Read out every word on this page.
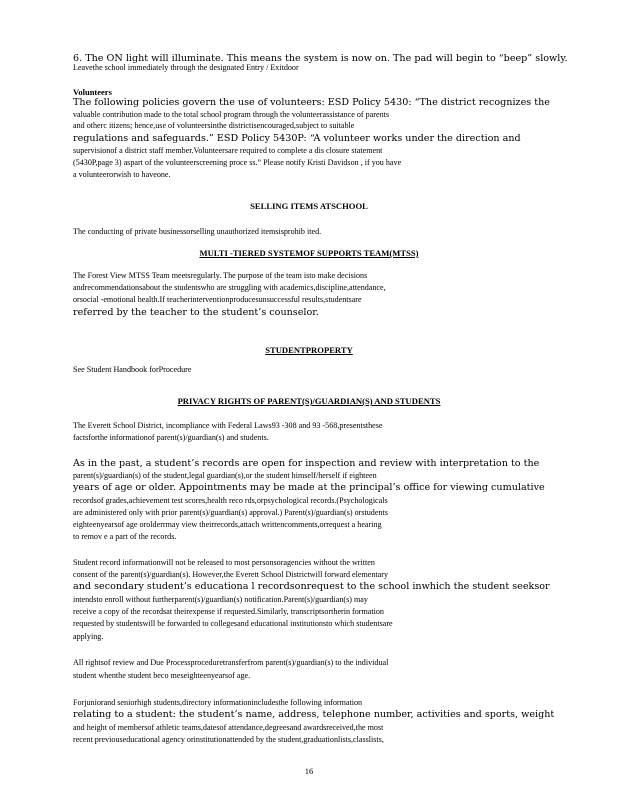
6. The ON light will illuminate. This means the system is now on. The pad will begin to “beep” slowly.
Leavethe school immediately through the designated Entry / Exitdoor
Volunteers
The following policies govern the use of volunteers: ESD Policy 5430: “The district recognizes the
valuable contribution made to the total school program through the volunteerassistance of parents
and otherc itizens; hence,use of volunteersinthe districtisencouraged,subject to suitable
regulations and safeguards.” ESD Policy 5430P: “A volunteer works under the direction and
supervisionof a district staff member.Volunteersare required to complete a dis closure statement
(5430P,page 3) aspart of the volunteerscreening proce ss.” Please notify Kristi Davidson , if you have
a volunteerorwish to haveone.
SELLING ITEMS ATSCHOOL
The conducting of private businessorselling unauthorized itemsisprohib ited.
MULTI -TIERED SYSTEMOF SUPPORTS TEAM(MTSS)
The Forest View MTSS Team meetsregularly. The purpose of the team isto make decisions
andrecommendationsabout the studentswho are struggling with academics,discipline,attendance,
orsocial -emotional health.If teacherinterventionproducesunsuccessful results,studentsare
referred by the teacher to the student’s counselor.
STUDENTPROPERTY
See Student Handbook forProcedure
PRIVACY RIGHTS OF PARENT(S)/GUARDIAN(S) AND STUDENTS
The Everett School District, incompliance with Federal Laws93 -308 and 93 -568,presentsthese
factsforthe informationof parent(s)/guardian(s) and students.
As in the past, a student’s records are open for inspection and review with interpretation to the
parent(s)/guardian(s) of the student,legal guardian(s),or the student himself/herself if eighteen
years of age or older. Appointments may be made at the principal’s office for viewing cumulative
recordsof grades,achievement test scores,health reco rds,orpsychological records.(Psychologicals
are administered only with prior parent(s)/guardian(s) approval.) Parent(s)/guardian(s) orstudents
eighteenyearsof age orolderrmay view theirrecords,attach writtencomments,orrequest a hearing
to remov e a part of the records.
Student record informationwill not be released to most personsoragencies without the written
consent of the parent(s)/guardian(s). However,the Everett School Districtwill forward elementary
and secondary student’s educationa l recordsonrequest to the school inwhich the student seeksor
intendsto enroll without furtherparent(s)/guardian(s) notification.Parent(s)/guardian(s) may
receive a copy of the recordsat theirexpense if requested.Similarly, transcriptsortherin formation
requested by studentswill be forwarded to collegesand educational institutionsto which studentsare
applying.
All rightsof review and Due Processproceduretransferfrom parent(s)/guardian(s) to the individual
student whenthe student beco meseighteenyearsof age.
Forjuniorand seniorhigh students,directory informationincludesthe following information
relating to a student: the student’s name, address, telephone number, activities and sports, weight
and height of membersof athletic teams,datesof attendance,degreesand awardsreceived,the most
recent previouseducational agency orinstitutionattended by the student,graduationlists,classlists,
16
